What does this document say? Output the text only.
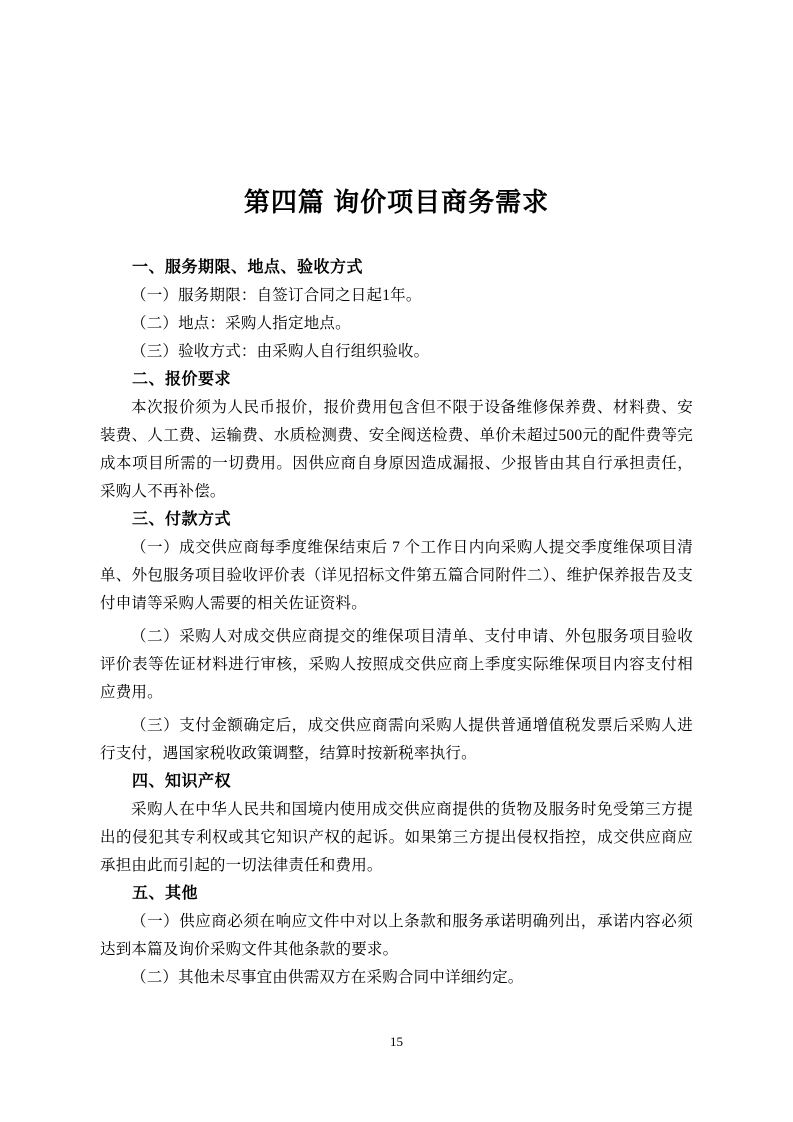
第四篇 询价项目商务需求
一、服务期限、地点、验收方式

（一）服务期限：自签订合同之日起1年。

（二）地点：采购人指定地点。

（三）验收方式：由采购人自行组织验收。

二、报价要求

本次报价须为人民币报价，报价费用包含但不限于设备维修保养费、材料费、安装费、人工费、运输费、水质检测费、安全阀送检费、单价未超过500元的配件费等完成本项目所需的一切费用。因供应商自身原因造成漏报、少报皆由其自行承担责任，采购人不再补偿。

三、付款方式

（一）成交供应商每季度维保结束后 7 个工作日内向采购人提交季度维保项目清单、外包服务项目验收评价表（详见招标文件第五篇合同附件二）、维护保养报告及支付申请等采购人需要的相关佐证资料。

（二）采购人对成交供应商提交的维保项目清单、支付申请、外包服务项目验收评价表等佐证材料进行审核，采购人按照成交供应商上季度实际维保项目内容支付相应费用。

（三）支付金额确定后，成交供应商需向采购人提供普通增值税发票后采购人进行支付，遇国家税收政策调整，结算时按新税率执行。

四、知识产权

采购人在中华人民共和国境内使用成交供应商提供的货物及服务时免受第三方提出的侵犯其专利权或其它知识产权的起诉。如果第三方提出侵权指控，成交供应商应承担由此而引起的一切法律责任和费用。

五、其他

（一）供应商必须在响应文件中对以上条款和服务承诺明确列出，承诺内容必须达到本篇及询价采购文件其他条款的要求。

（二）其他未尽事宜由供需双方在采购合同中详细约定。

15
